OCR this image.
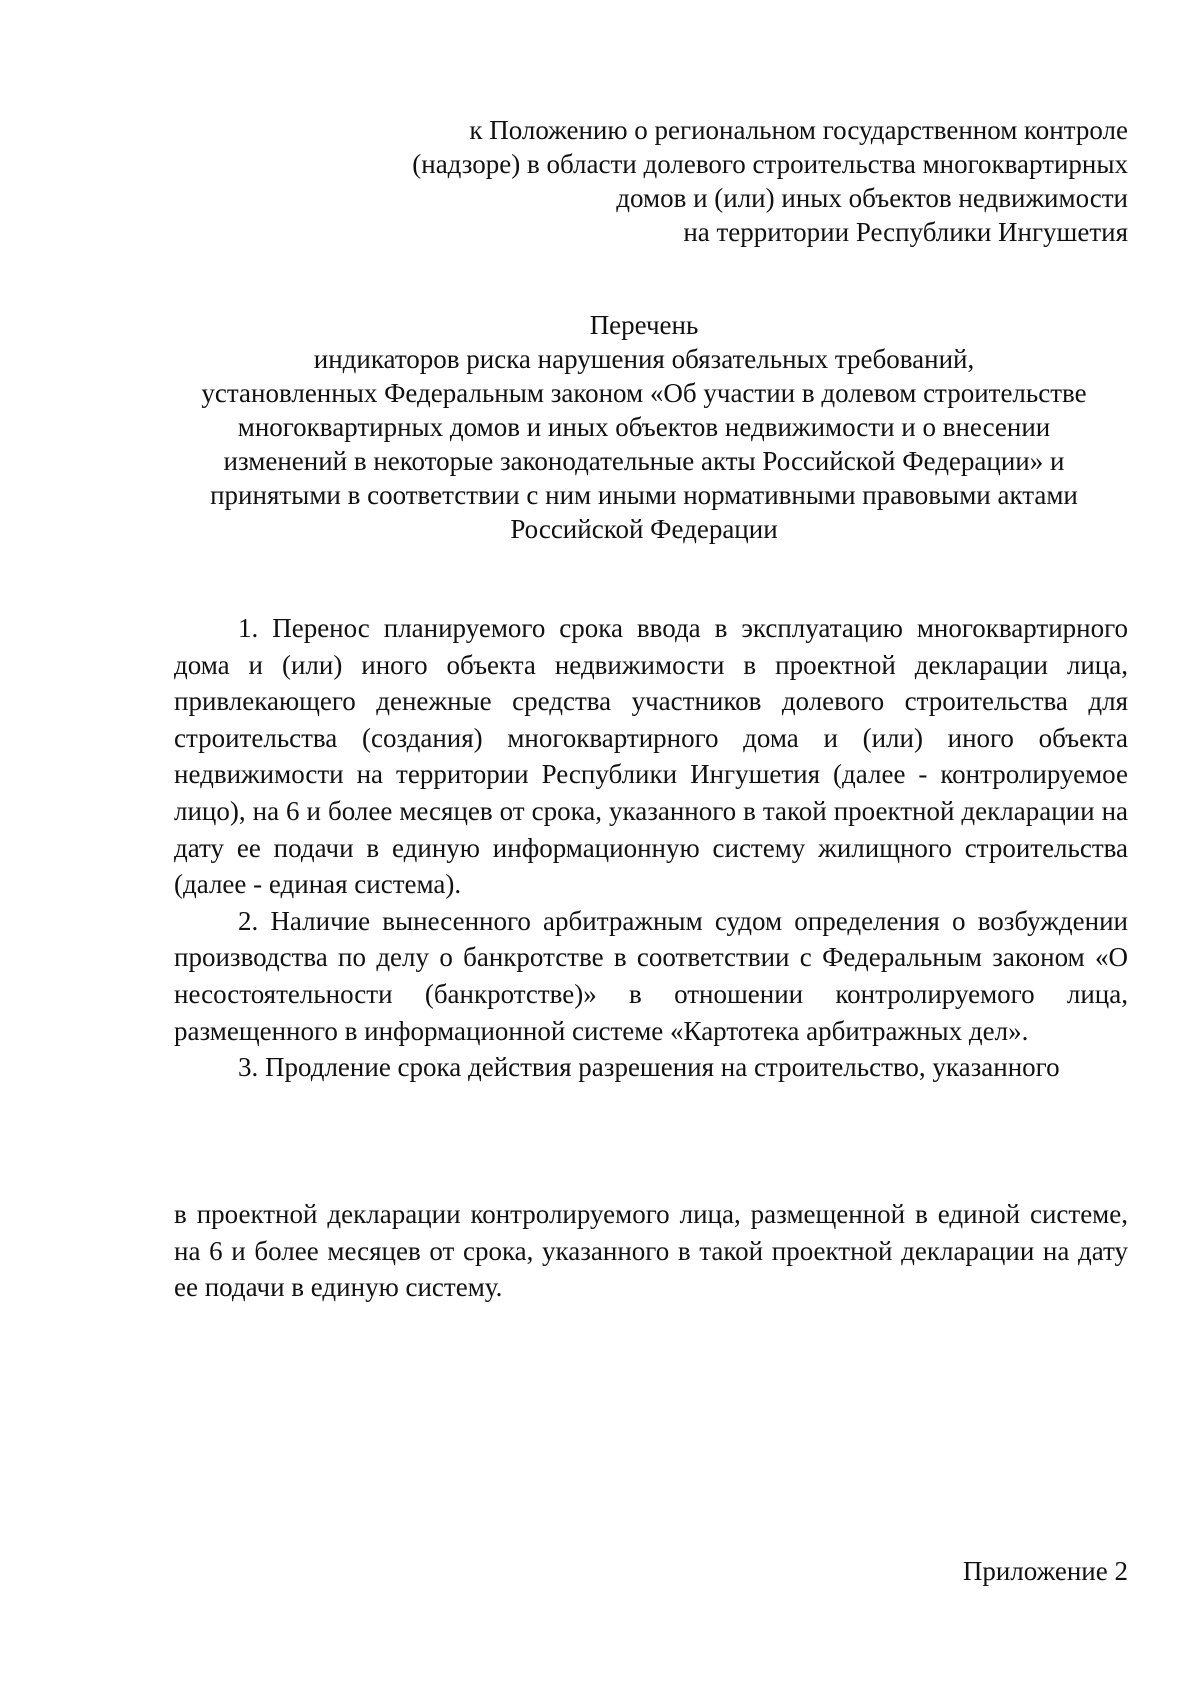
к Положению о региональном государственном контроле
(надзоре) в области долевого строительства многоквартирных
домов и (или) иных объектов недвижимости
на территории Республики Ингушетия
Перечень
индикаторов риска нарушения обязательных требований,
установленных Федеральным законом «Об участии в долевом строительстве
многоквартирных домов и иных объектов недвижимости и о внесении
изменений в некоторые законодательные акты Российской Федерации» и
принятыми в соответствии с ним иными нормативными правовыми актами
Российской Федерации

1. Перенос планируемого срока ввода в эксплуатацию многоквартирного дома и (или) иного объекта недвижимости в проектной декларации лица, привлекающего денежные средства участников долевого строительства для строительства (создания) многоквартирного дома и (или) иного объекта недвижимости на территории Республики Ингушетия (далее - контролируемое лицо), на 6 и более месяцев от срока, указанного в такой проектной декларации на дату ее подачи в единую информационную систему жилищного строительства (далее - единая система).

2. Наличие вынесенного арбитражным судом определения о возбуждении производства по делу о банкротстве в соответствии с Федеральным законом «О несостоятельности (банкротстве)» в отношении контролируемого лица, размещенного в информационной системе «Картотека арбитражных дел».

3. Продление срока действия разрешения на строительство, указанного

в проектной декларации контролируемого лица, размещенной в единой системе, на 6 и более месяцев от срока, указанного в такой проектной декларации на дату ее подачи в единую систему.

Приложение 2
